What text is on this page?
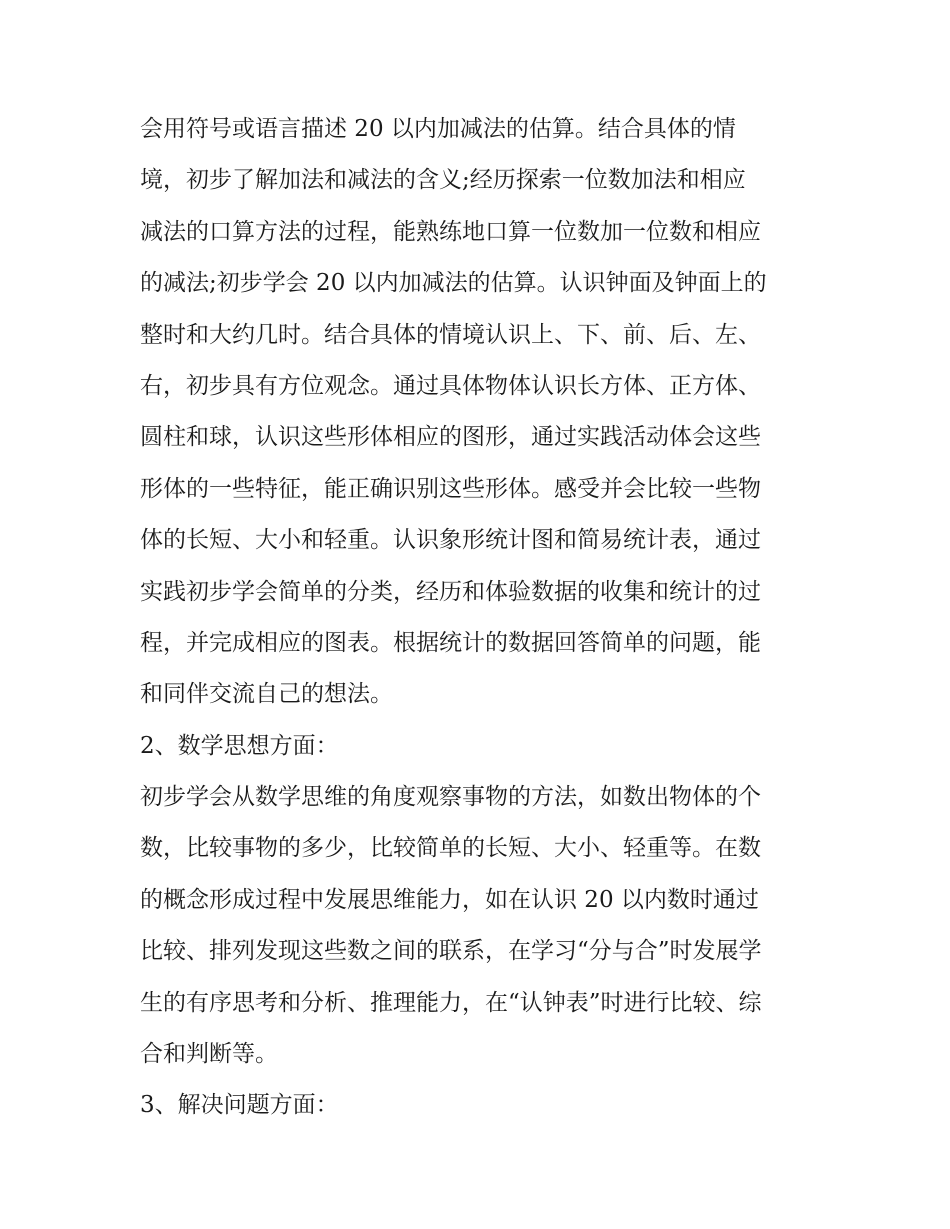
会用符号或语言描述 20 以内加减法的估算。结合具体的情
境，初步了解加法和减法的含义;经历探索一位数加法和相应
减法的口算方法的过程，能熟练地口算一位数加一位数和相应
的减法;初步学会 20 以内加减法的估算。认识钟面及钟面上的
整时和大约几时。结合具体的情境认识上、下、前、后、左、
右，初步具有方位观念。通过具体物体认识长方体、正方体、
圆柱和球，认识这些形体相应的图形，通过实践活动体会这些
形体的一些特征，能正确识别这些形体。感受并会比较一些物
体的长短、大小和轻重。认识象形统计图和简易统计表，通过
实践初步学会简单的分类，经历和体验数据的收集和统计的过
程，并完成相应的图表。根据统计的数据回答简单的问题，能
和同伴交流自己的想法。
2、数学思想方面：
初步学会从数学思维的角度观察事物的方法，如数出物体的个
数，比较事物的多少，比较简单的长短、大小、轻重等。在数
的概念形成过程中发展思维能力，如在认识 20 以内数时通过
比较、排列发现这些数之间的联系，在学习“分与合”时发展学
生的有序思考和分析、推理能力，在“认钟表”时进行比较、综
合和判断等。
3、解决问题方面：
